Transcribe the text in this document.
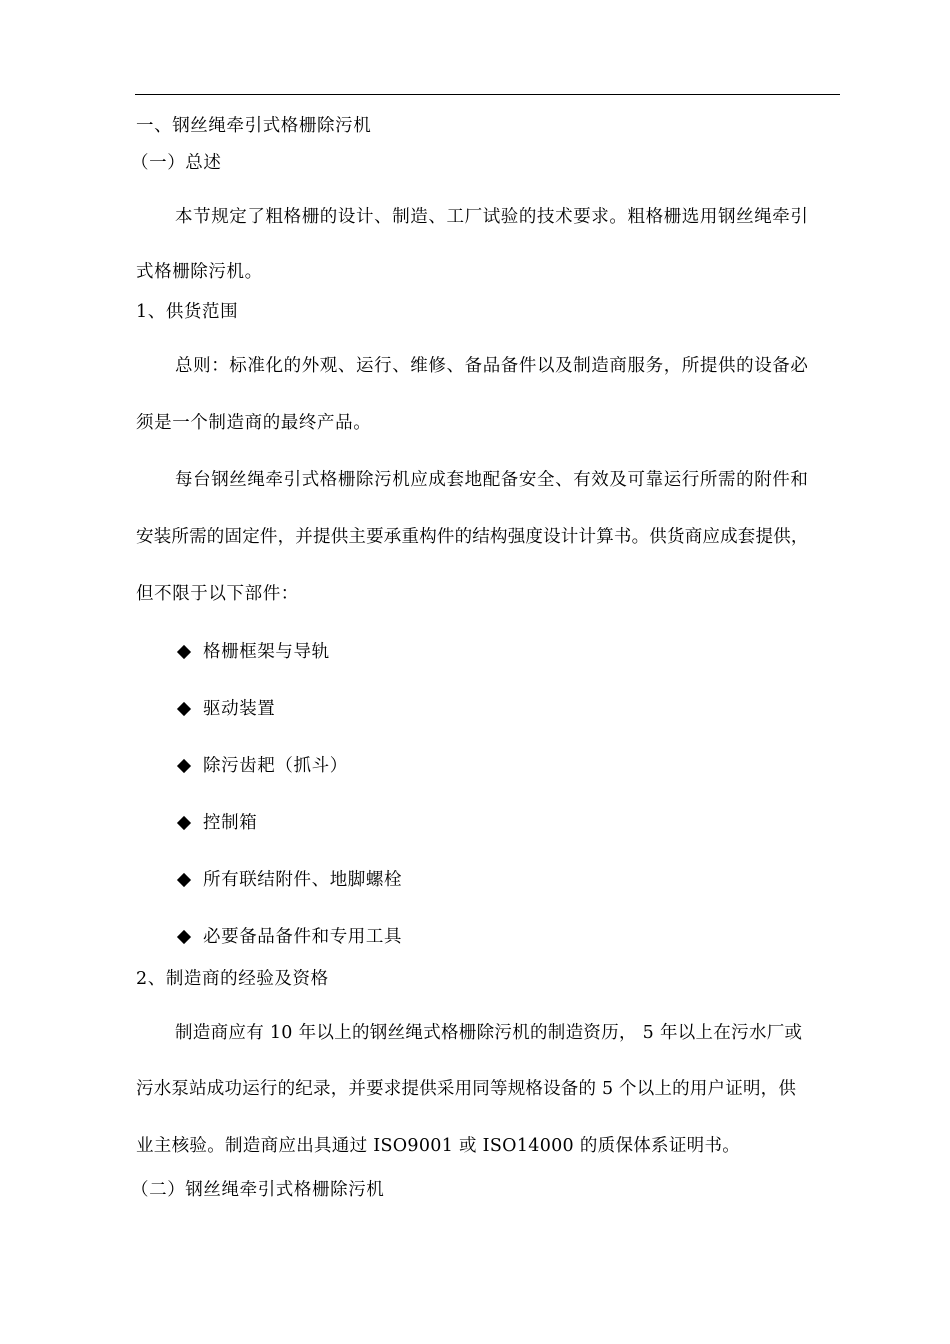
一、钢丝绳牵引式格栅除污机
（一）总述
本节规定了粗格栅的设计、制造、工厂试验的技术要求。粗格栅选用钢丝绳牵引
式格栅除污机。
1、供货范围
总则：标准化的外观、运行、维修、备品备件以及制造商服务，所提供的设备必
须是一个制造商的最终产品。
每台钢丝绳牵引式格栅除污机应成套地配备安全、有效及可靠运行所需的附件和
安装所需的固定件，并提供主要承重构件的结构强度设计计算书。供货商应成套提供，
但不限于以下部件：
格栅框架与导轨
驱动装置
除污齿耙（抓斗）
控制箱
所有联结附件、地脚螺栓
必要备品备件和专用工具
2、制造商的经验及资格
制造商应有 10 年以上的钢丝绳式格栅除污机的制造资历， 5 年以上在污水厂或
污水泵站成功运行的纪录，并要求提供采用同等规格设备的 5 个以上的用户证明，供
业主核验。制造商应出具通过 ISO9001 或 ISO14000 的质保体系证明书。
（二）钢丝绳牵引式格栅除污机
